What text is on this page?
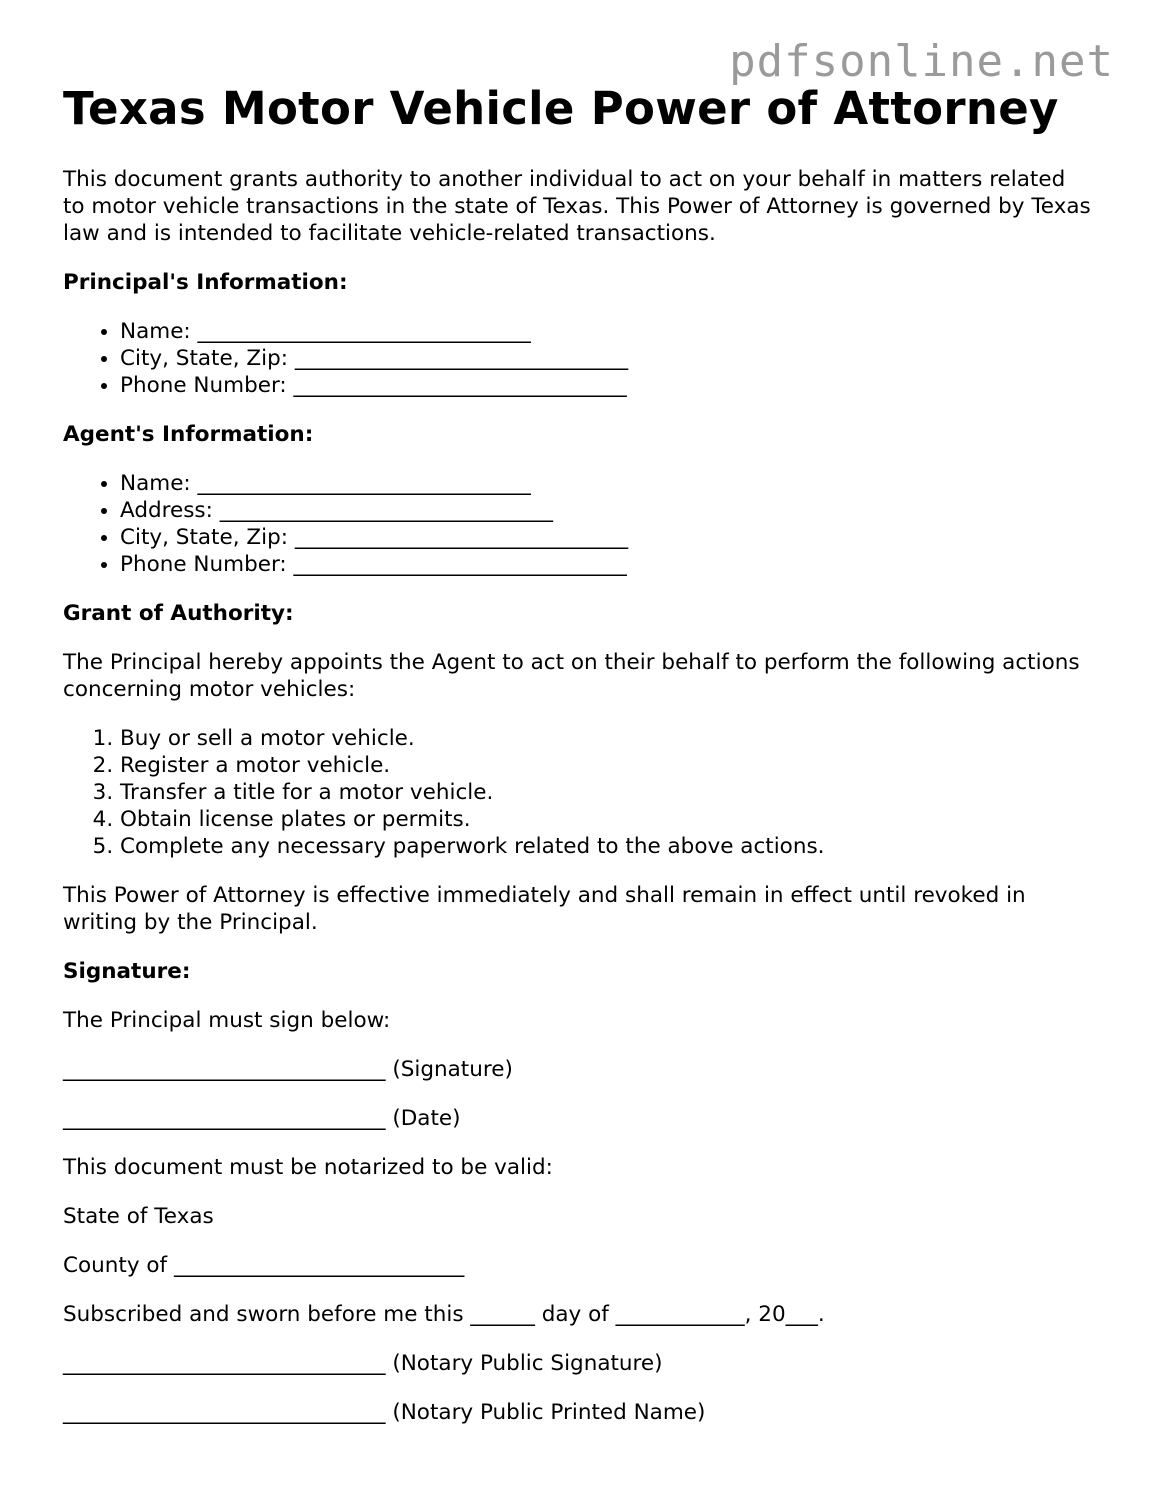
pdfsonline.net
Texas Motor Vehicle Power of Attorney

This document grants authority to another individual to act on your behalf in matters related to motor vehicle transactions in the state of Texas. This Power of Attorney is governed by Texas law and is intended to facilitate vehicle-related transactions.

Principal's Information:
• Name: _______________________________
• City, State, Zip: _______________________________
• Phone Number: _______________________________
Agent's Information:
• Name: _______________________________
• Address: _______________________________
• City, State, Zip: _______________________________
• Phone Number: _______________________________
Grant of Authority:

The Principal hereby appoints the Agent to act on their behalf to perform the following actions concerning motor vehicles:

1. Buy or sell a motor vehicle.
2. Register a motor vehicle.
3. Transfer a title for a motor vehicle.
4. Obtain license plates or permits.
5. Complete any necessary paperwork related to the above actions.

This Power of Attorney is effective immediately and shall remain in effect until revoked in writing by the Principal.

Signature:

The Principal must sign below:

______________________________ (Signature)
______________________________ (Date)

This document must be notarized to be valid:

State of Texas

County of ___________________________
Subscribed and sworn before me this ______ day of ____________, 20___.
______________________________ (Notary Public Signature)
______________________________ (Notary Public Printed Name)
